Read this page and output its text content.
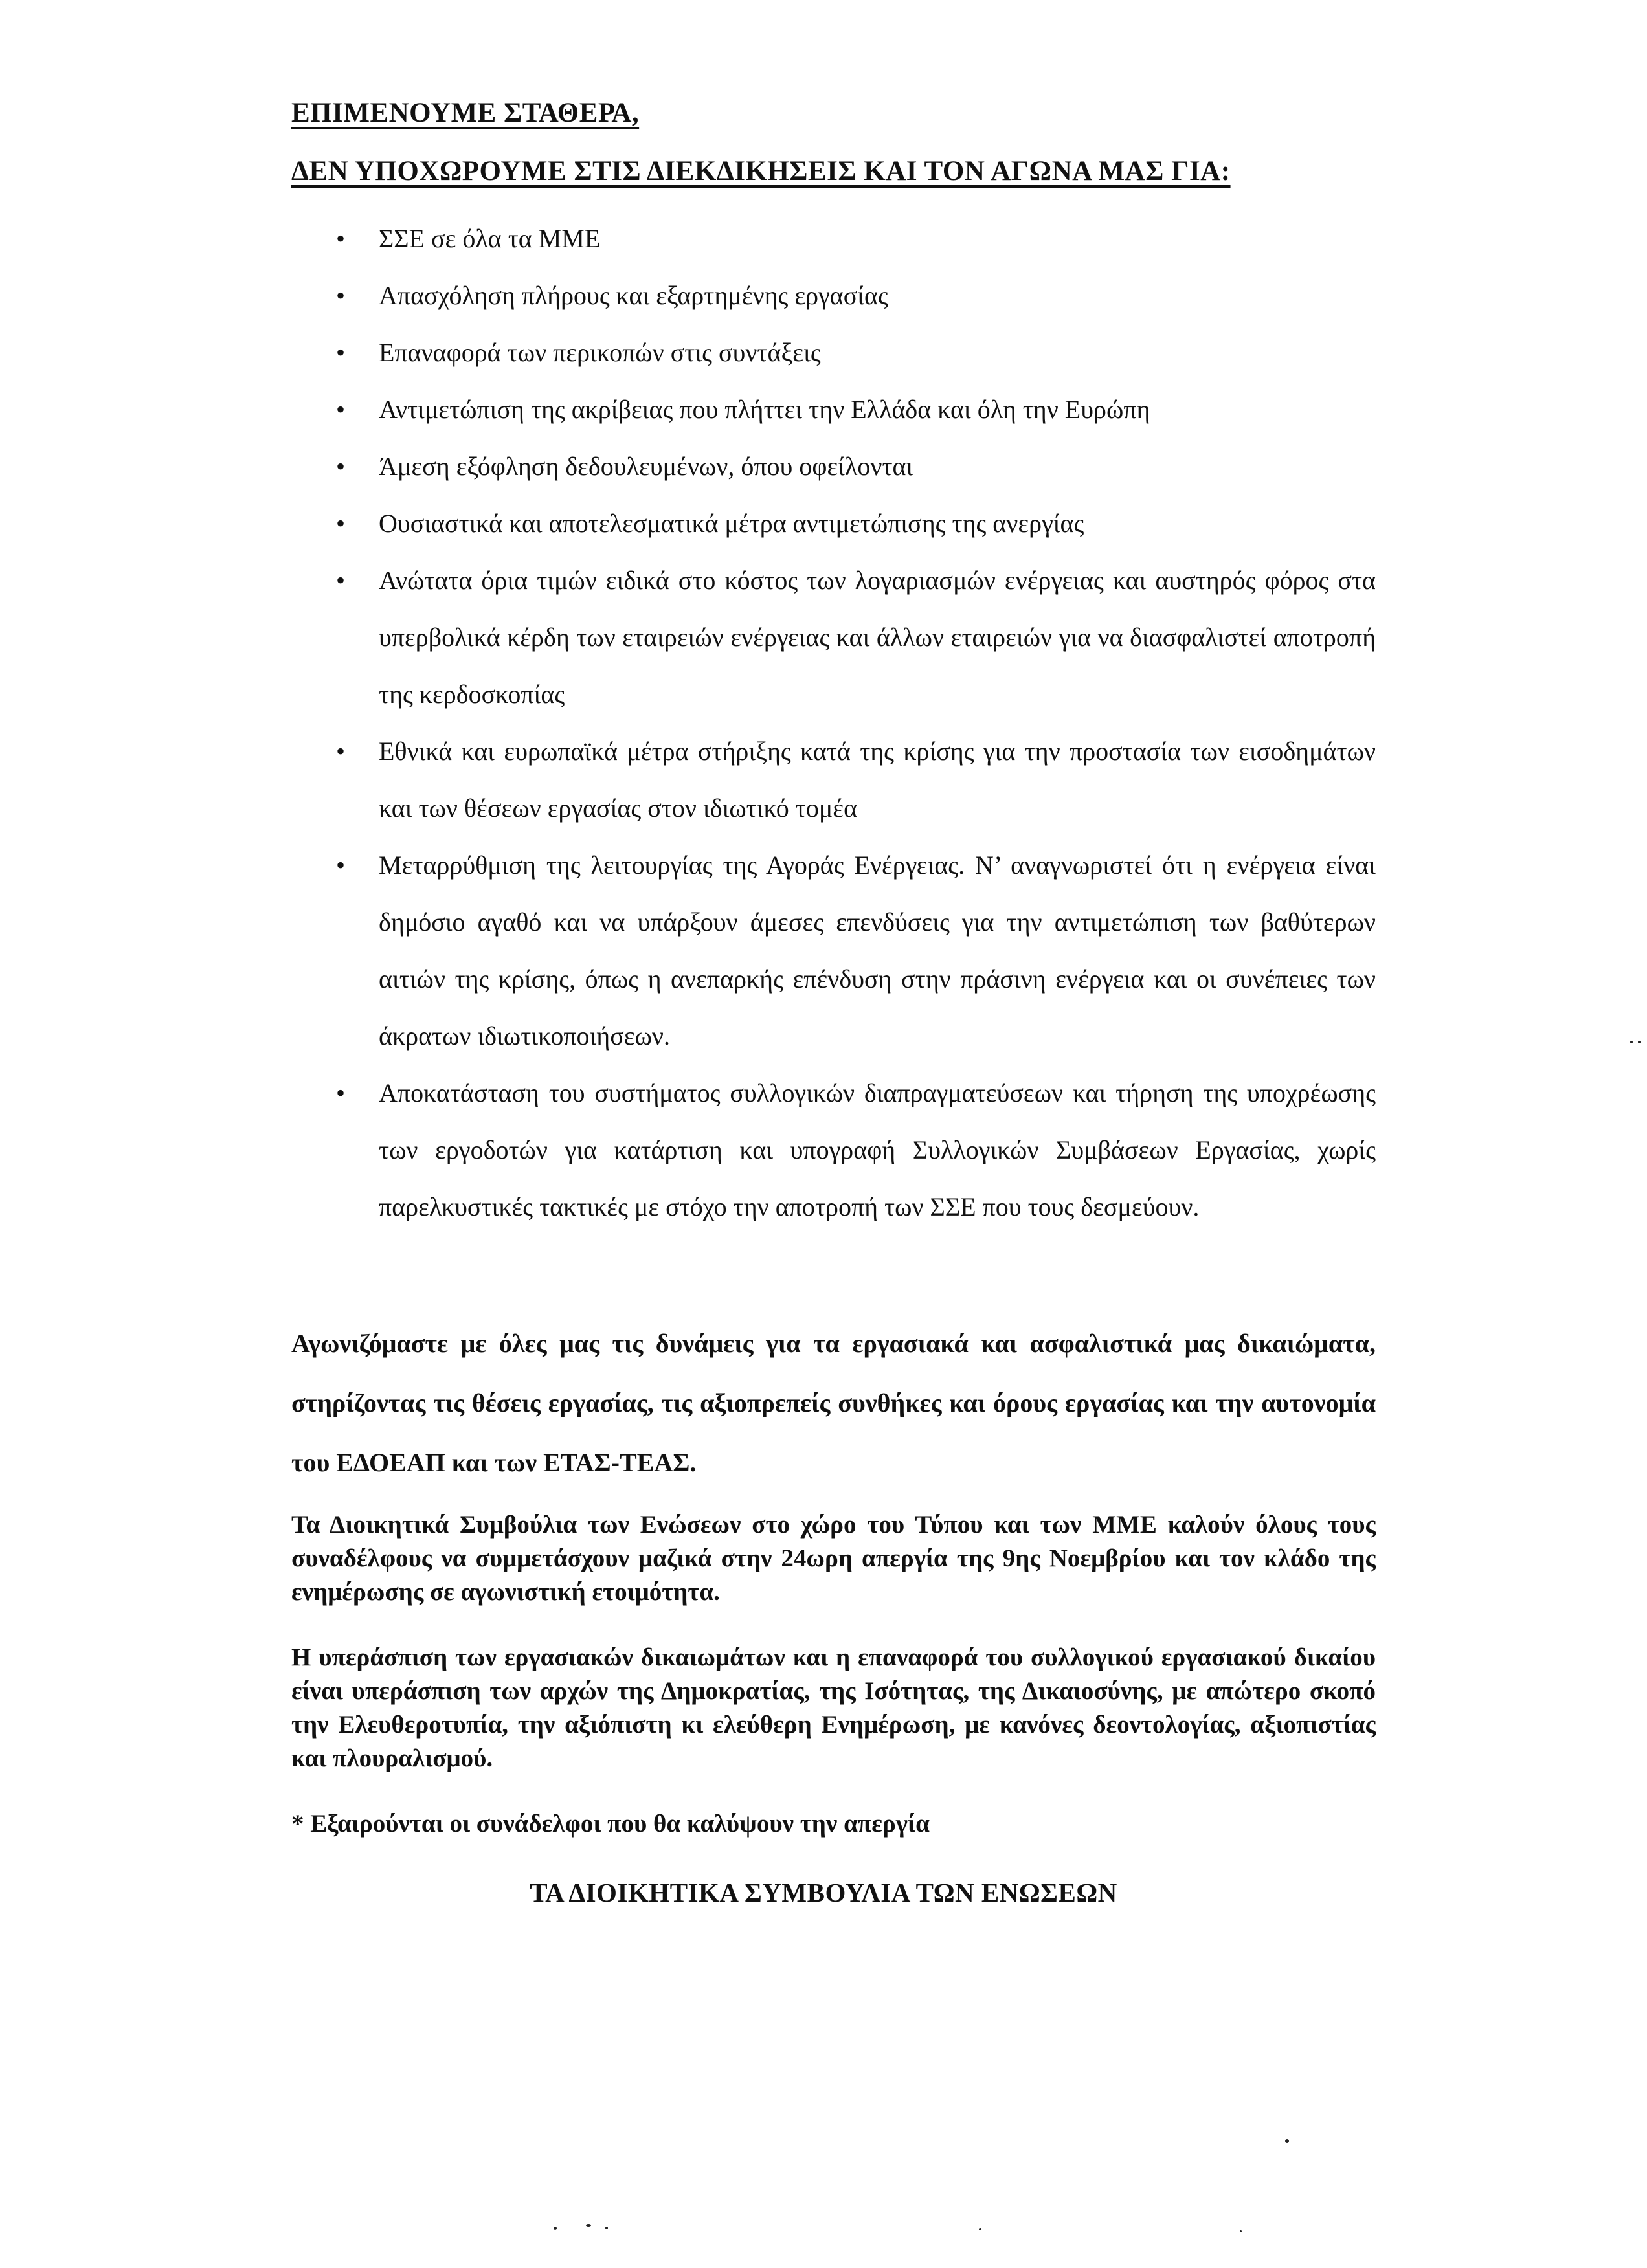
ΕΠΙΜΕΝΟΥΜΕ ΣΤΑΘΕΡΑ,
ΔΕΝ ΥΠΟΧΩΡΟΥΜΕ ΣΤΙΣ ΔΙΕΚΔΙΚΗΣΕΙΣ ΚΑΙ ΤΟΝ ΑΓΩΝΑ ΜΑΣ ΓΙΑ:
• ΣΣΕ σε όλα τα ΜΜΕ
• Απασχόληση πλήρους και εξαρτημένης εργασίας
• Επαναφορά των περικοπών στις συντάξεις
• Αντιμετώπιση της ακρίβειας που πλήττει την Ελλάδα και όλη την Ευρώπη
• Άμεση εξόφληση δεδουλευμένων, όπου οφείλονται
• Ουσιαστικά και αποτελεσματικά μέτρα αντιμετώπισης της ανεργίας
• Ανώτατα όρια τιμών ειδικά στο κόστος των λογαριασμών ενέργειας και αυστηρός φόρος στα υπερβολικά κέρδη των εταιρειών ενέργειας και άλλων εταιρειών για να διασφαλιστεί αποτροπή της κερδοσκοπίας
• Εθνικά και ευρωπαϊκά μέτρα στήριξης κατά της κρίσης για την προστασία των εισοδημάτων και των θέσεων εργασίας στον ιδιωτικό τομέα
• Μεταρρύθμιση της λειτουργίας της Αγοράς Ενέργειας. Ν’ αναγνωριστεί ότι η ενέργεια είναι δημόσιο αγαθό και να υπάρξουν άμεσες επενδύσεις για την αντιμετώπιση των βαθύτερων αιτιών της κρίσης, όπως η ανεπαρκής επένδυση στην πράσινη ενέργεια και οι συνέπειες των άκρατων ιδιωτικοποιήσεων.
• Αποκατάσταση του συστήματος συλλογικών διαπραγματεύσεων και τήρηση της υποχρέωσης των εργοδοτών για κατάρτιση και υπογραφή Συλλογικών Συμβάσεων Εργασίας, χωρίς παρελκυστικές τακτικές με στόχο την αποτροπή των ΣΣΕ που τους δεσμεύουν.

Αγωνιζόμαστε με όλες μας τις δυνάμεις για τα εργασιακά και ασφαλιστικά μας δικαιώματα, στηρίζοντας τις θέσεις εργασίας, τις αξιοπρεπείς συνθήκες και όρους εργασίας και την αυτονομία του ΕΔΟΕΑΠ και των ΕΤΑΣ-ΤΕΑΣ.

Τα Διοικητικά Συμβούλια των Ενώσεων στο χώρο του Τύπου και των ΜΜΕ καλούν όλους τους συναδέλφους να συμμετάσχουν μαζικά στην 24ωρη απεργία της 9ης Νοεμβρίου και τον κλάδο της ενημέρωσης σε αγωνιστική ετοιμότητα.

Η υπεράσπιση των εργασιακών δικαιωμάτων και η επαναφορά του συλλογικού εργασιακού δικαίου είναι υπεράσπιση των αρχών της Δημοκρατίας, της Ισότητας, της Δικαιοσύνης, με απώτερο σκοπό την Ελευθεροτυπία, την αξιόπιστη κι ελεύθερη Ενημέρωση, με κανόνες δεοντολογίας, αξιοπιστίας και πλουραλισμού.

* Εξαιρούνται οι συνάδελφοι που θα καλύψουν την απεργία
ΤΑ ΔΙΟΙΚΗΤΙΚΑ ΣΥΜΒΟΥΛΙΑ ΤΩΝ ΕΝΩΣΕΩΝ
